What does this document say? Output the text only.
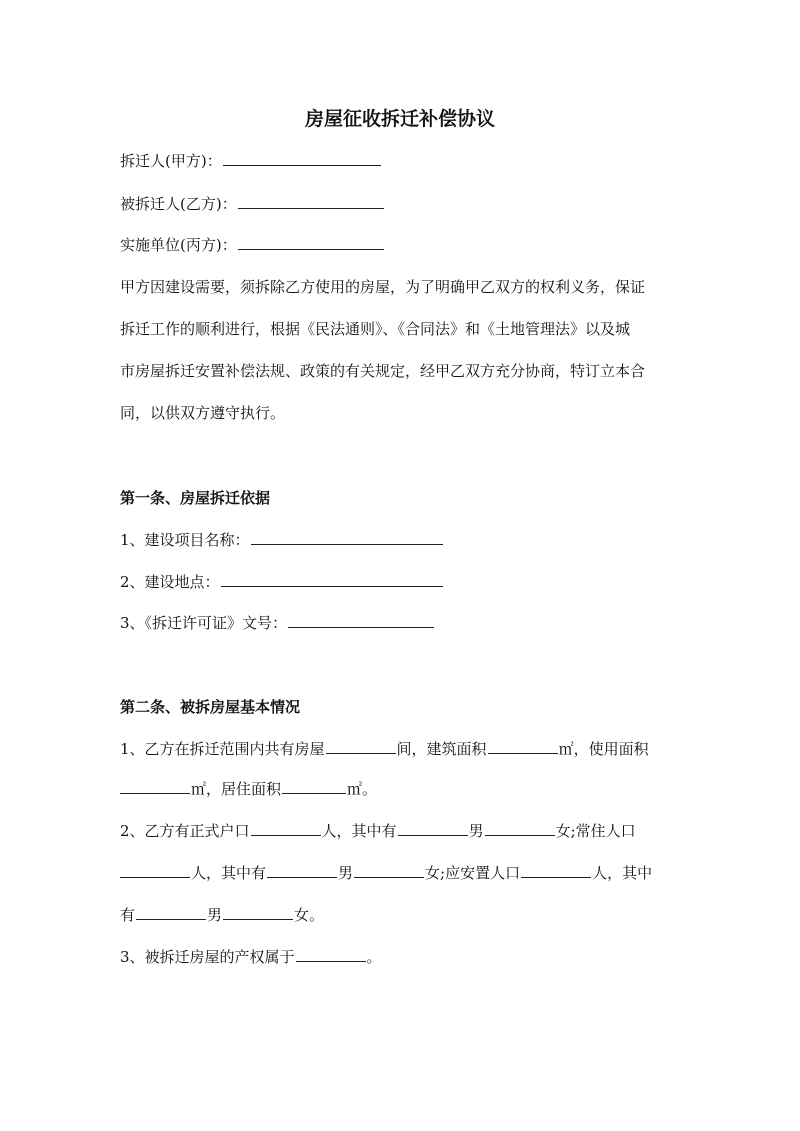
房屋征收拆迁补偿协议
拆迁人(甲方)：
被拆迁人(乙方)：
实施单位(丙方)：
甲方因建设需要，须拆除乙方使用的房屋，为了明确甲乙双方的权利义务，保证
拆迁工作的顺利进行，根据《民法通则》、《合同法》和《土地管理法》以及城
市房屋拆迁安置补偿法规、政策的有关规定，经甲乙双方充分协商，特订立本合
同，以供双方遵守执行。
第一条、房屋拆迁依据
1、建设项目名称：
2、建设地点：
3、《拆迁许可证》文号：
第二条、被拆房屋基本情况
1、乙方在拆迁范围内共有房屋	间，建筑面积	㎡，使用面积
㎡，居住面积	㎡。
2、乙方有正式户口	人，其中有	男	女;常住人口
人，其中有	男	女;应安置人口	人，其中
有	男	女。
3、被拆迁房屋的产权属于	。
